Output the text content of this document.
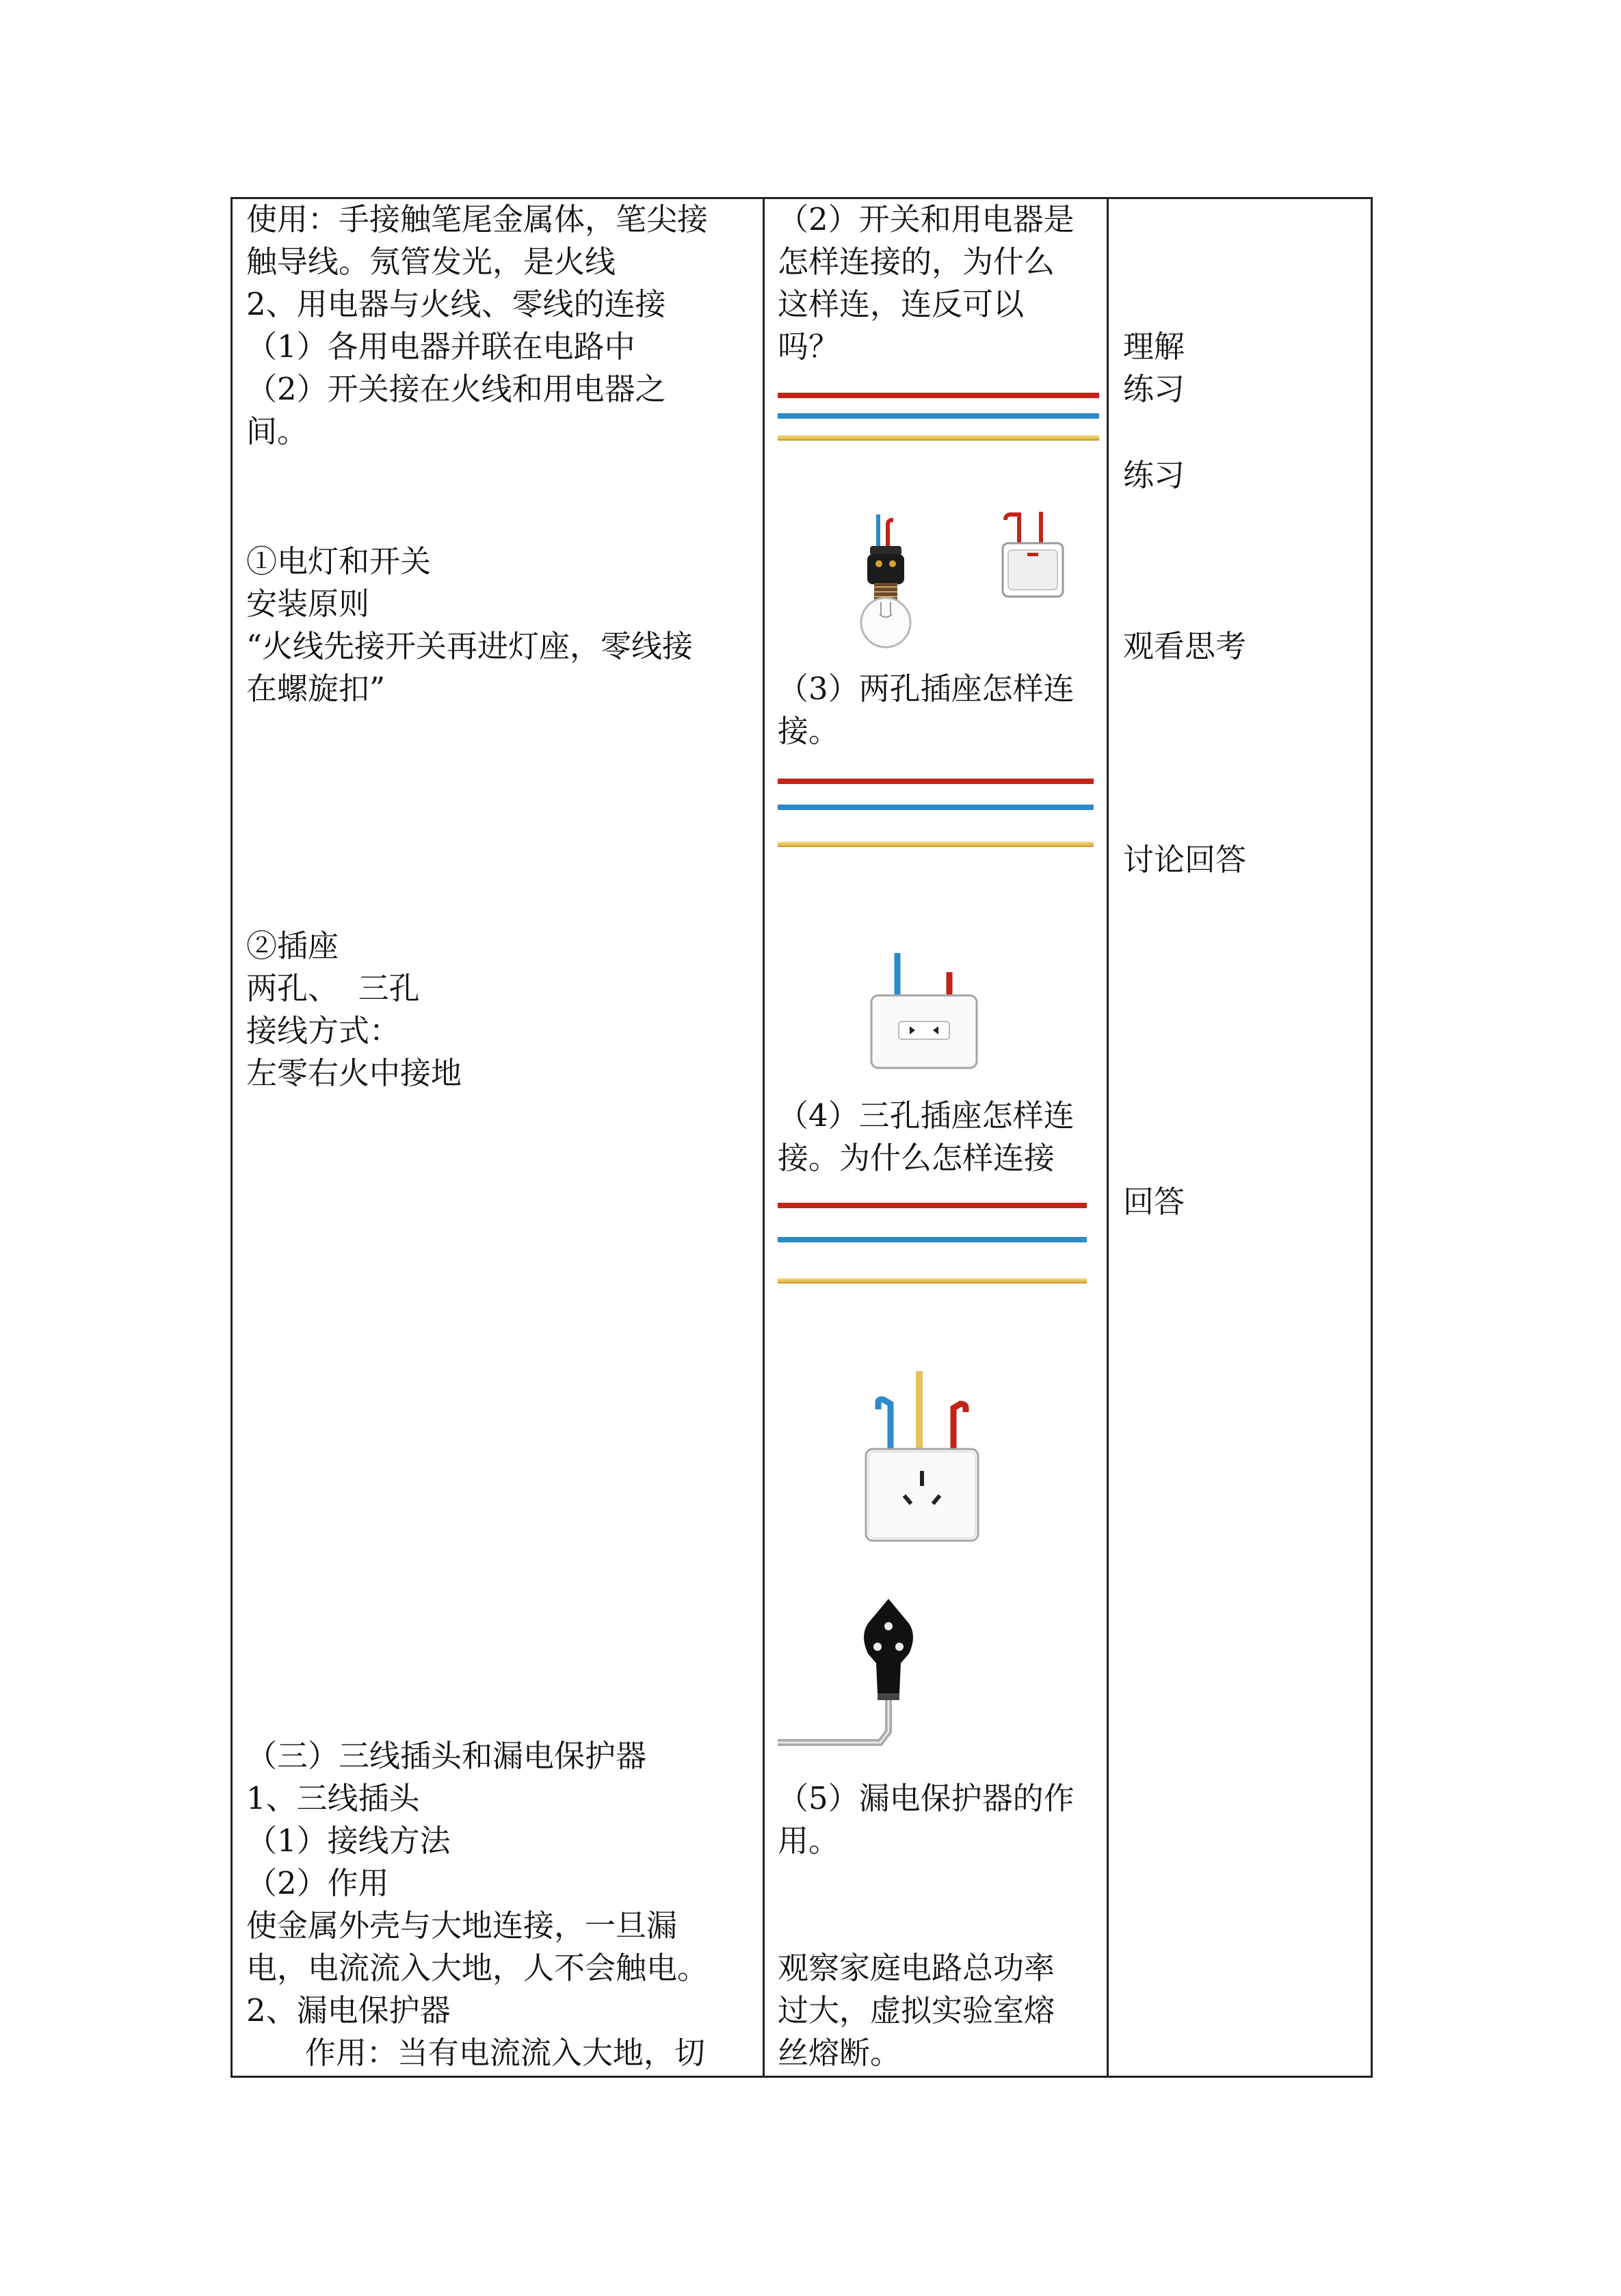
使用：手接触笔尾金属体，笔尖接
触导线。氖管发光，是火线
2、用电器与火线、零线的连接
（1）各用电器并联在电路中
（2）开关接在火线和用电器之
间。
①电灯和开关
安装原则
“火线先接开关再进灯座，零线接
在螺旋扣”
②插座
两孔、  三孔
接线方式：
左零右火中接地
（三）三线插头和漏电保护器
1、三线插头
（1）接线方法
（2）作用
使金属外壳与大地连接，一旦漏
电，电流流入大地，人不会触电。
2、漏电保护器
作用：当有电流流入大地，切
（2）开关和用电器是
怎样连接的，为什么
这样连，连反可以
吗？
（3）两孔插座怎样连
接。
（4）三孔插座怎样连
接。为什么怎样连接
（5）漏电保护器的作
用。
观察家庭电路总功率
过大，虚拟实验室熔
丝熔断。
理解
练习
练习
观看思考
讨论回答
回答
